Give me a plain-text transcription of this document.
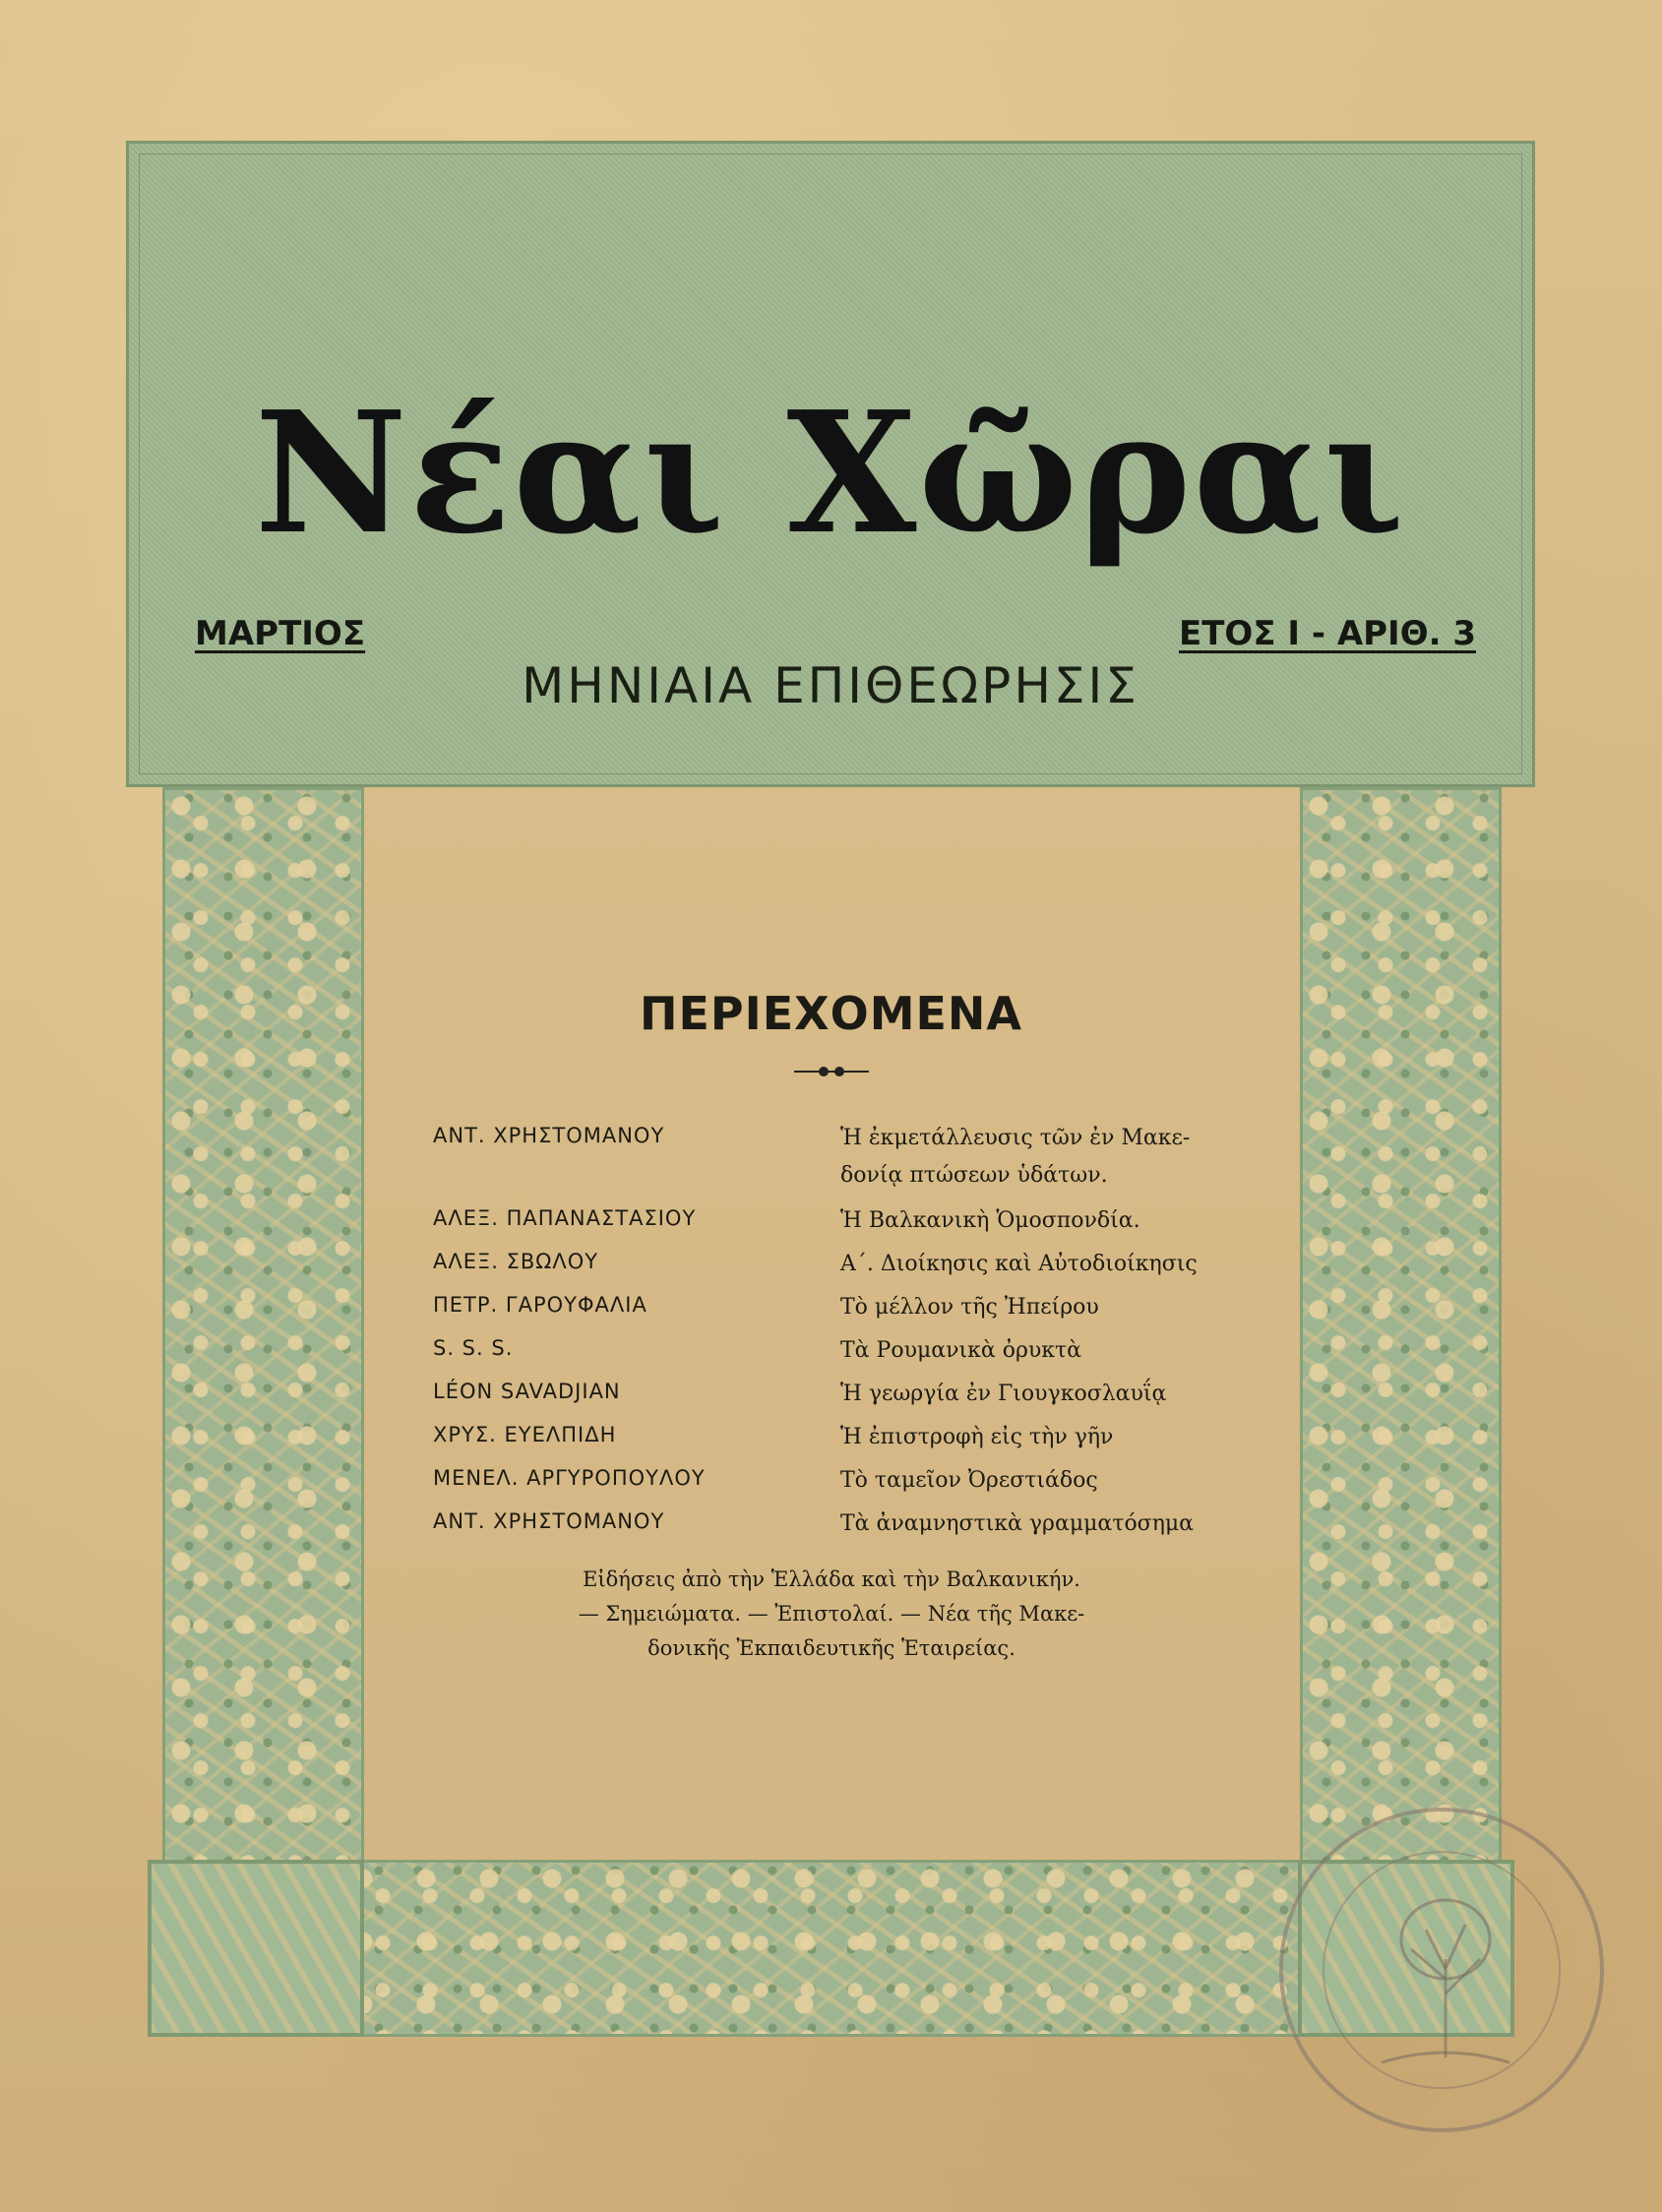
Νέαι Χῶραι
ΜΗΝΙΑΙΑ ΕΠΙΘΕΩΡΗΣΙΣ
ΜΑΡΤΙΟΣ	ΕΤΟΣ Ι - ΑΡΙΘ. 3
ΠΕΡΙΕΧΟΜΕΝΑ
ΑΝΤ. ΧΡΗΣΤΟΜΑΝΟΥ	Ἡ ἐκμετάλλευσις τῶν ἐν Μακε-
δονίᾳ πτώσεων ὑδάτων.
ΑΛΕΞ. ΠΑΠΑΝΑΣΤΑΣΙΟΥ	Ἡ Βαλκανικὴ Ὁμοσπονδία.
ΑΛΕΞ. ΣΒΩΛΟΥ	Α΄. Διοίκησις καὶ Αὐτοδιοίκησις
ΠΕΤΡ. ΓΑΡΟΥΦΑΛΙΑ	Τὸ μέλλον τῆς Ἠπείρου
S. S. S.	Τὰ Ρουμανικὰ ὀρυκτὰ
LÉON SAVADJIAN	Ἡ γεωργία ἐν Γιουγκοσλαυΐᾳ
ΧΡΥΣ. ΕΥΕΛΠΙΔΗ	Ἡ ἐπιστροφὴ εἰς τὴν γῆν
ΜΕΝΕΛ. ΑΡΓΥΡΟΠΟΥΛΟΥ	Τὸ ταμεῖον Ὀρεστιάδος
ΑΝΤ. ΧΡΗΣΤΟΜΑΝΟΥ	Τὰ ἀναμνηστικὰ γραμματόσημα
Εἰδήσεις ἀπὸ τὴν Ἑλλάδα καὶ τὴν Βαλκανικήν.
— Σημειώματα. — Ἐπιστολαί. — Νέα τῆς Μακε-
δονικῆς Ἐκπαιδευτικῆς Ἑταιρείας.
